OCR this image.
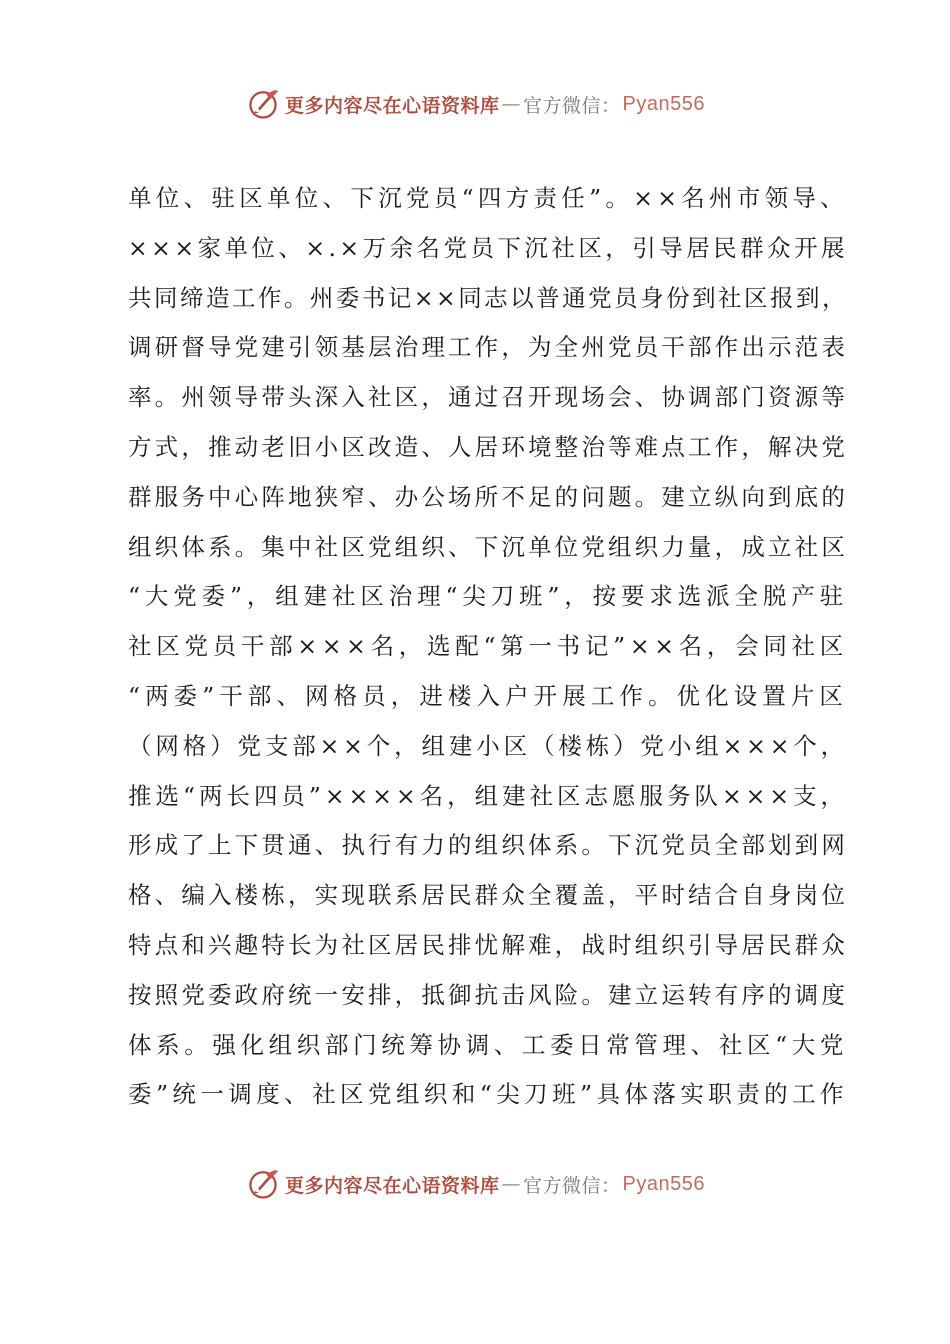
更多内容尽在心语资料库 — 官方微信： Pyan556
单位、驻区单位、下沉党员“四方责任”。××名州市领导、
×××家单位、×.×万余名党员下沉社区，引导居民群众开展
共同缔造工作。州委书记××同志以普通党员身份到社区报到，
调研督导党建引领基层治理工作，为全州党员干部作出示范表
率。州领导带头深入社区，通过召开现场会、协调部门资源等
方式，推动老旧小区改造、人居环境整治等难点工作，解决党
群服务中心阵地狭窄、办公场所不足的问题。建立纵向到底的
组织体系。集中社区党组织、下沉单位党组织力量，成立社区
“大党委”，组建社区治理“尖刀班”，按要求选派全脱产驻
社区党员干部×××名，选配“第一书记”××名，会同社区
“两委”干部、网格员，进楼入户开展工作。优化设置片区
（网格）党支部××个，组建小区（楼栋）党小组×××个，
推选“两长四员”××××名，组建社区志愿服务队×××支，
形成了上下贯通、执行有力的组织体系。下沉党员全部划到网
格、编入楼栋，实现联系居民群众全覆盖，平时结合自身岗位
特点和兴趣特长为社区居民排忧解难，战时组织引导居民群众
按照党委政府统一安排，抵御抗击风险。建立运转有序的调度
体系。强化组织部门统筹协调、工委日常管理、社区“大党
委”统一调度、社区党组织和“尖刀班”具体落实职责的工作
更多内容尽在心语资料库 — 官方微信： Pyan556
